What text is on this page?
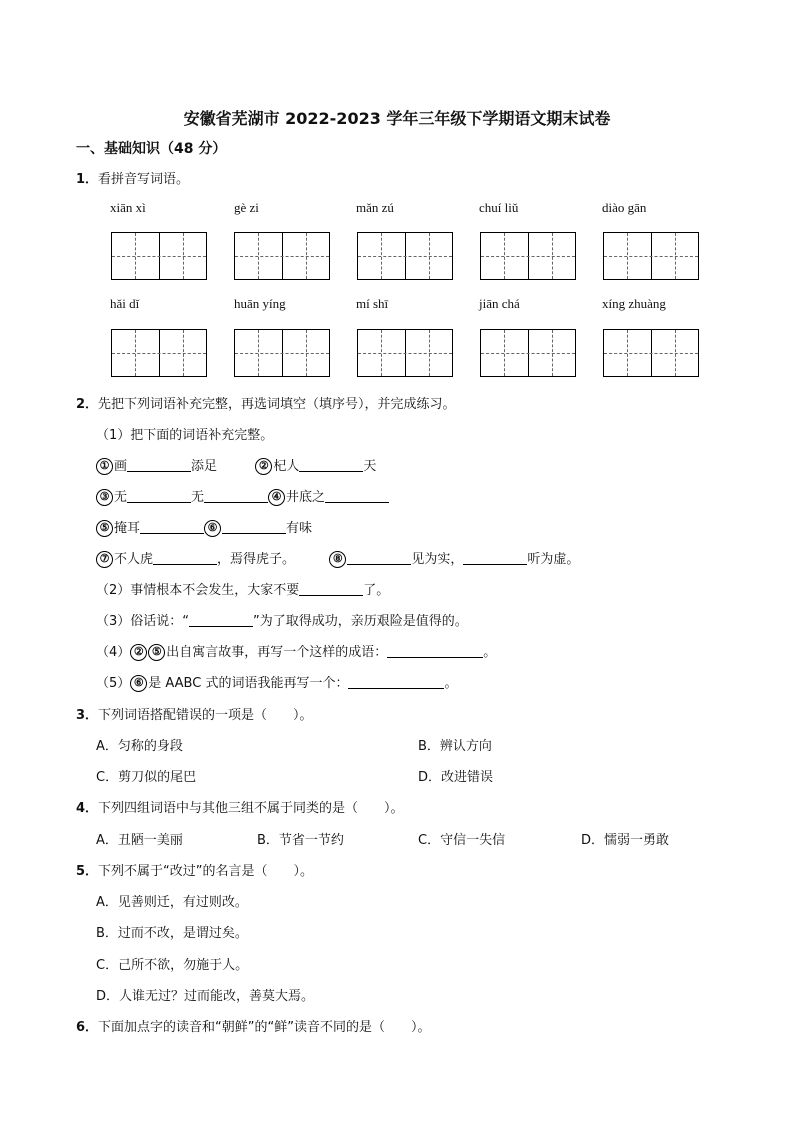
安徽省芜湖市 2022-2023 学年三年级下学期语文期末试卷
一、基础知识（48 分）
1．看拼音写词语。
xiān xì	gè zi	mǎn zú	chuí liǔ	diào gān
hǎi dǐ	huān yíng	mí shī	jiān chá	xíng zhuàng
2．先把下列词语补充完整，再选词填空（填序号），并完成练习。
（1）把下面的词语补充完整。
① 画	添足	② 杞人	天
③ 无	无	④ 井底之
⑤ 掩耳	⑥	有味
⑦ 不人虎	，焉得虎子。	⑧	见为实，	听为虚。
（2）事情根本不会发生，大家不要	了。
（3）俗话说：“	”为了取得成功，亲历艰险是值得的。
（4） ② ⑤ 出自寓言故事，再写一个这样的成语：	。
（5） ⑥ 是 AABC 式的词语我能再写一个：	。
3．下列词语搭配错误的一项是（　　）。
A．匀称的身段	B．辨认方向
C．剪刀似的尾巴	D．改进错误
4．下列四组词语中与其他三组不属于同类的是（　　）。
A．丑陋一美丽	B．节省一节约	C．守信一失信	D．懦弱一勇敢
5．下列不属于“改过”的名言是（　　）。
A．见善则迁，有过则改。
B．过而不改，是谓过矣。
C．己所不欲，勿施于人。
D．人谁无过？过而能改，善莫大焉。
6．下面加点字的读音和“朝鲜”的“鲜”读音不同的是（　　）。
